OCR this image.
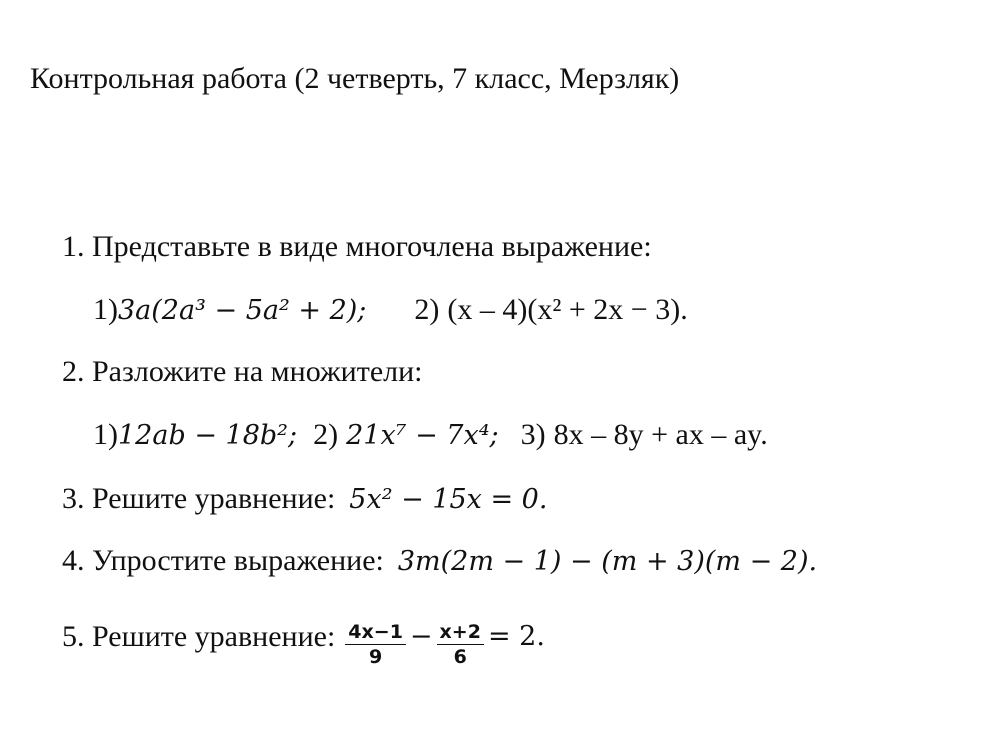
Контрольная работа (2 четверть, 7 класс, Мерзляк)
1. Представьте в виде многочлена выражение:
1) 3a(2a³ − 5a² + 2); 2) (x – 4)(x² + 2x − 3).
2. Разложите на множители:
1) 12ab − 18b²; 2) 21x⁷ − 7x⁴; 3) 8x – 8y + ax – ay.
3. Решите уравнение: 5x² − 15x = 0.
4. Упростите выражение: 3m(2m − 1) − (m + 3)(m − 2).
5. Решите уравнение: $\frac{4x-1}{9} - \frac{x+2}{6} = 2$.
